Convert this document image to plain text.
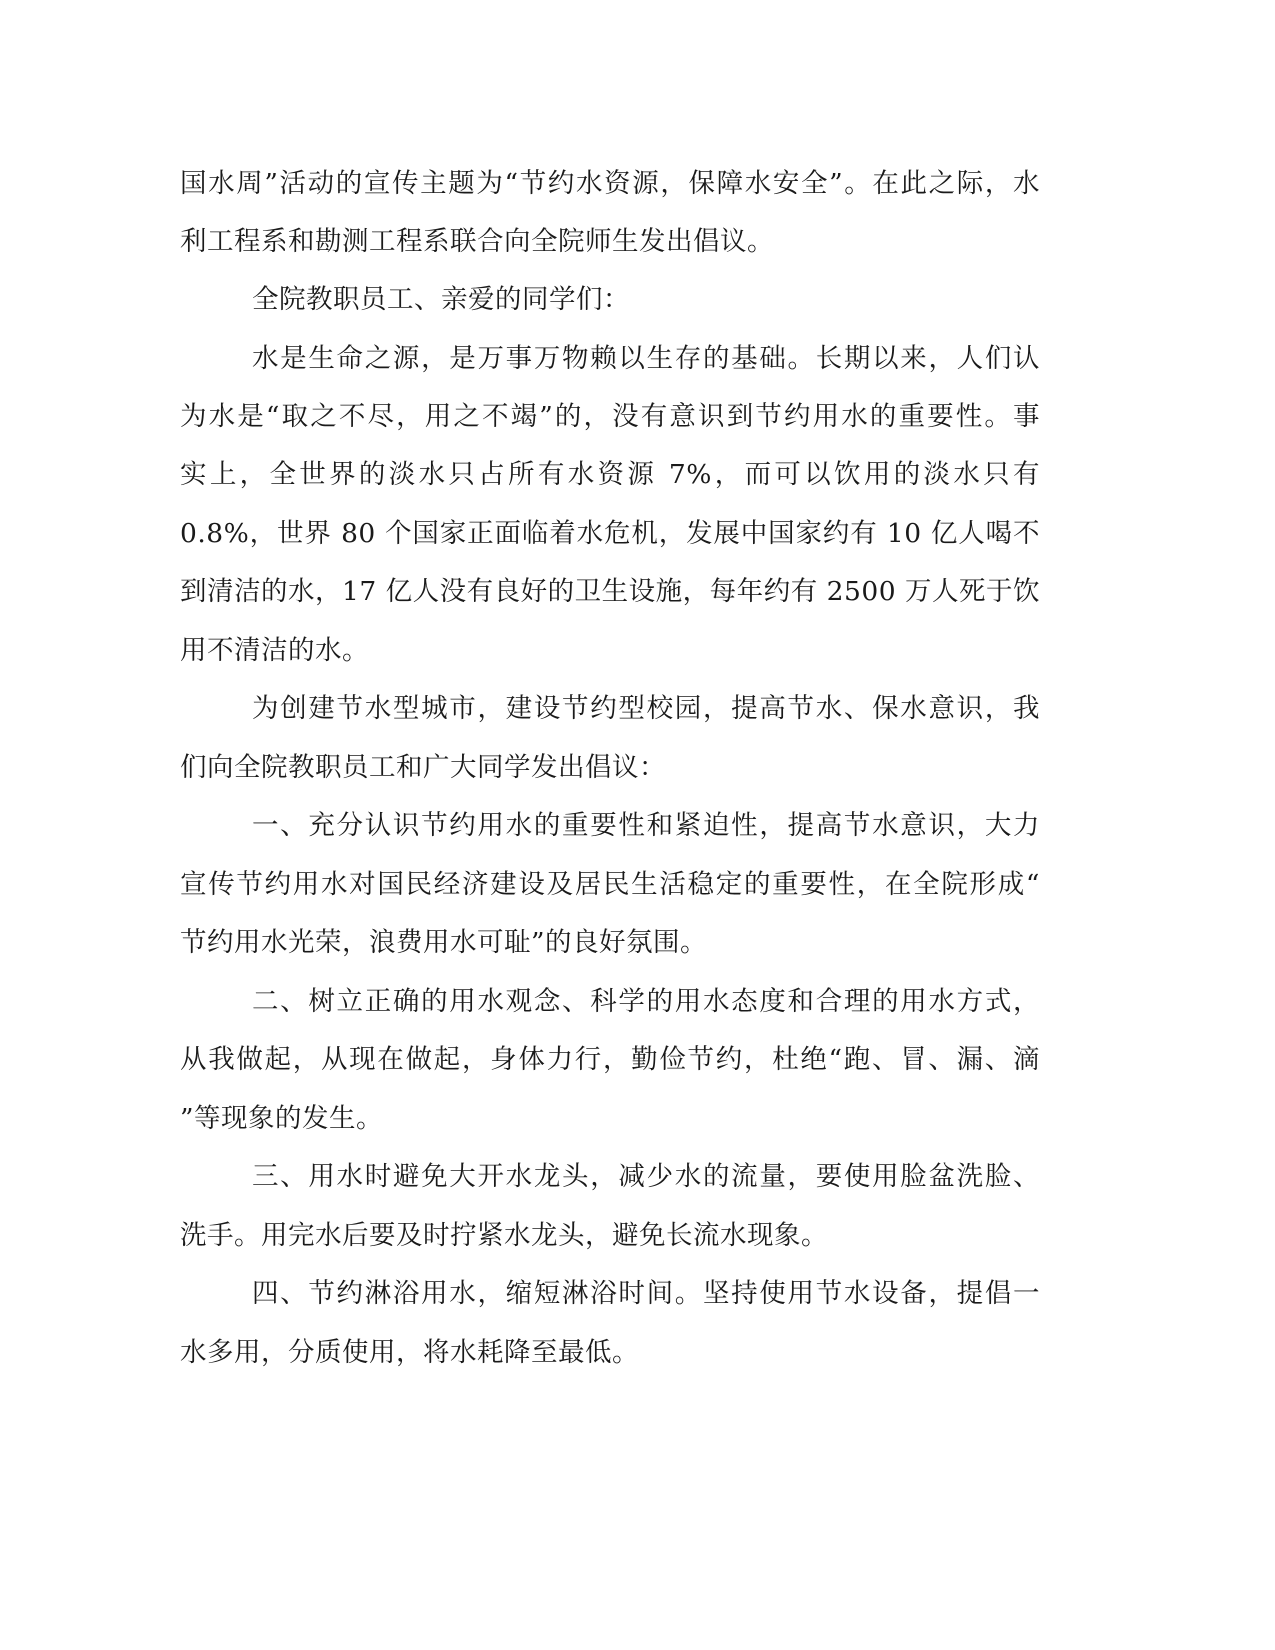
国水周”活动的宣传主题为“节约水资源，保障水安全”。在此之际，水

利工程系和勘测工程系联合向全院师生发出倡议。

全院教职员工、亲爱的同学们：

水是生命之源，是万事万物赖以生存的基础。长期以来，人们认

为水是“取之不尽，用之不竭”的，没有意识到节约用水的重要性。事

实上，全世界的淡水只占所有水资源 7%，而可以饮用的淡水只有

0.8%，世界 80 个国家正面临着水危机，发展中国家约有 10 亿人喝不

到清洁的水，17 亿人没有良好的卫生设施，每年约有 2500 万人死于饮

用不清洁的水。

为创建节水型城市，建设节约型校园，提高节水、保水意识，我

们向全院教职员工和广大同学发出倡议：

一、充分认识节约用水的重要性和紧迫性，提高节水意识，大力

宣传节约用水对国民经济建设及居民生活稳定的重要性，在全院形成“

节约用水光荣，浪费用水可耻”的良好氛围。

二、树立正确的用水观念、科学的用水态度和合理的用水方式，

从我做起，从现在做起，身体力行，勤俭节约，杜绝“跑、冒、漏、滴

”等现象的发生。

三、用水时避免大开水龙头，减少水的流量，要使用脸盆洗脸、

洗手。用完水后要及时拧紧水龙头，避免长流水现象。

四、节约淋浴用水，缩短淋浴时间。坚持使用节水设备，提倡一

水多用，分质使用，将水耗降至最低。
